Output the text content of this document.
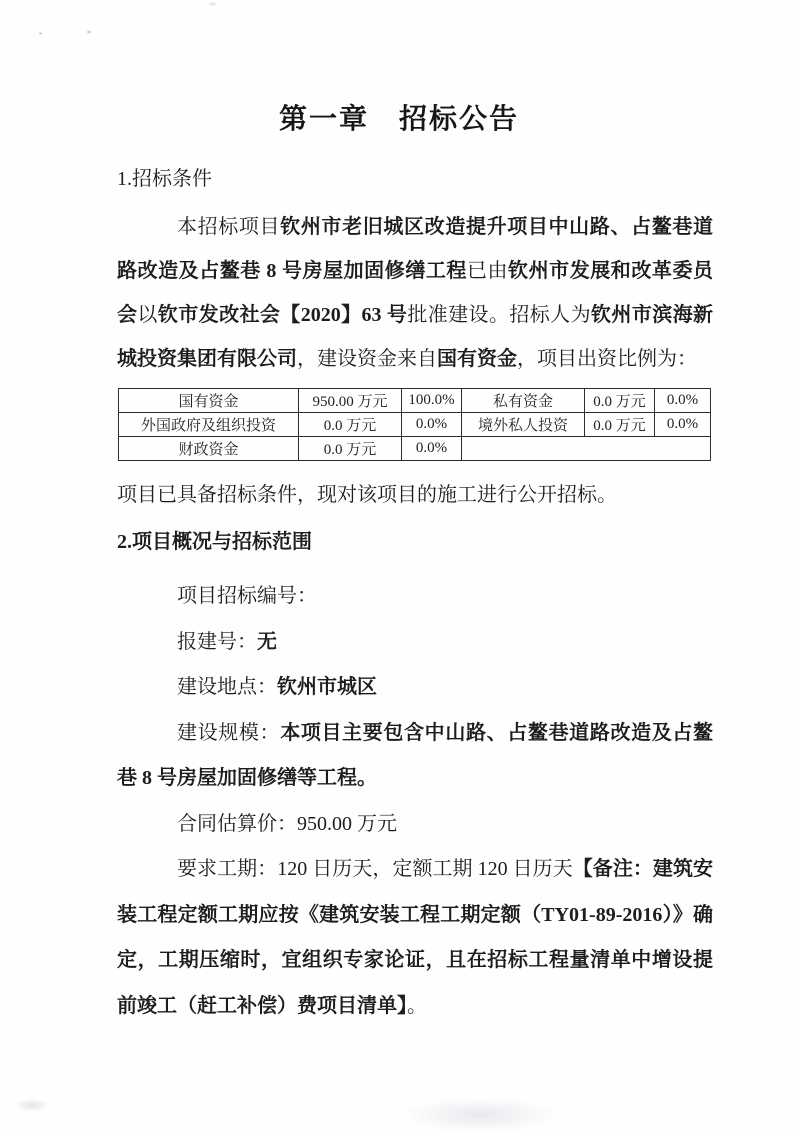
第一章　招标公告
1.招标条件

本招标项目钦州市老旧城区改造提升项目中山路、占鳌巷道路改造及占鳌巷 8 号房屋加固修缮工程已由钦州市发展和改革委员会以钦市发改社会【2020】63 号批准建设。招标人为钦州市滨海新城投资集团有限公司，建设资金来自国有资金，项目出资比例为：

国有资金	950.00 万元	100.0%	私有资金	0.0 万元	0.0%
外国政府及组织投资	0.0 万元	0.0%	境外私人投资	0.0 万元	0.0%
财政资金	0.0 万元	0.0%			

项目已具备招标条件，现对该项目的施工进行公开招标。

2.项目概况与招标范围

项目招标编号：

报建号：无

建设地点：钦州市城区

建设规模：本项目主要包含中山路、占鳌巷道路改造及占鳌巷 8 号房屋加固修缮等工程。

合同估算价：950.00 万元

要求工期：120 日历天，定额工期 120 日历天【备注：建筑安装工程定额工期应按《建筑安装工程工期定额（TY01-89-2016）》确定，工期压缩时，宜组织专家论证，且在招标工程量清单中增设提前竣工（赶工补偿）费项目清单】。
